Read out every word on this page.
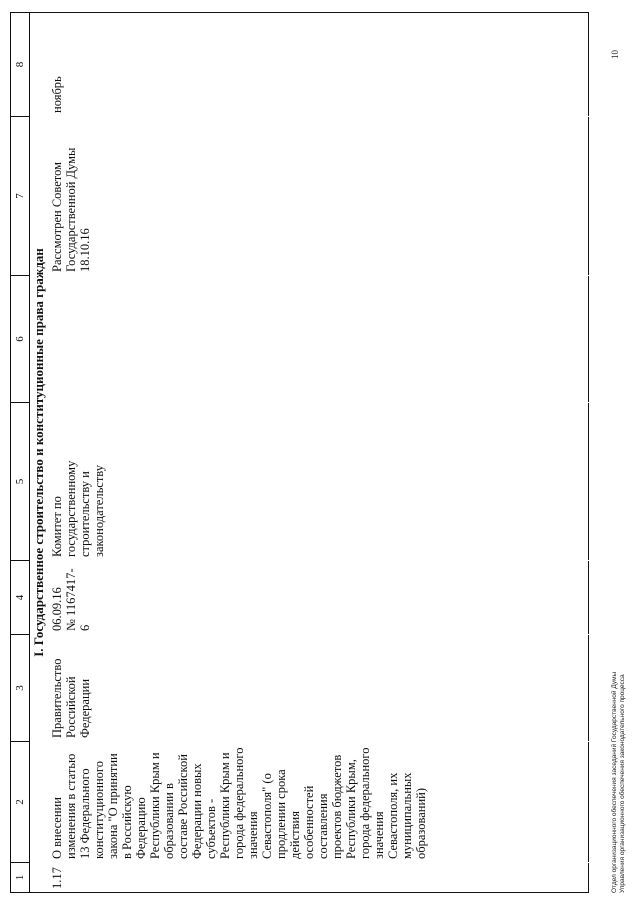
1	2	3	4	5	6	7	8
I. Государственное строительство и конституционные права граждан							
1.17	О внесении изменения в статью 13 Федерального конституционного закона "О принятии в Российскую Федерацию Республики Крым и образовании в составе Российской Федерации новых субъектов - Республики Крым и города федерального значения Севастополя" (о продлении срока действия особенностей составления проектов бюджетов Республики Крым, города федерального значения Севастополя, их муниципальных образований)	Правительство Российской Федерации	06.09.16 № 1167417-6	Комитет по государственному строительству и законодательству		Рассмотрен Советом Государственной Думы 18.10.16	ноябрь

Отдел организационного обеспечения заседаний Государственной Думы Управления организационного обеспечения законодательного процесса
10
